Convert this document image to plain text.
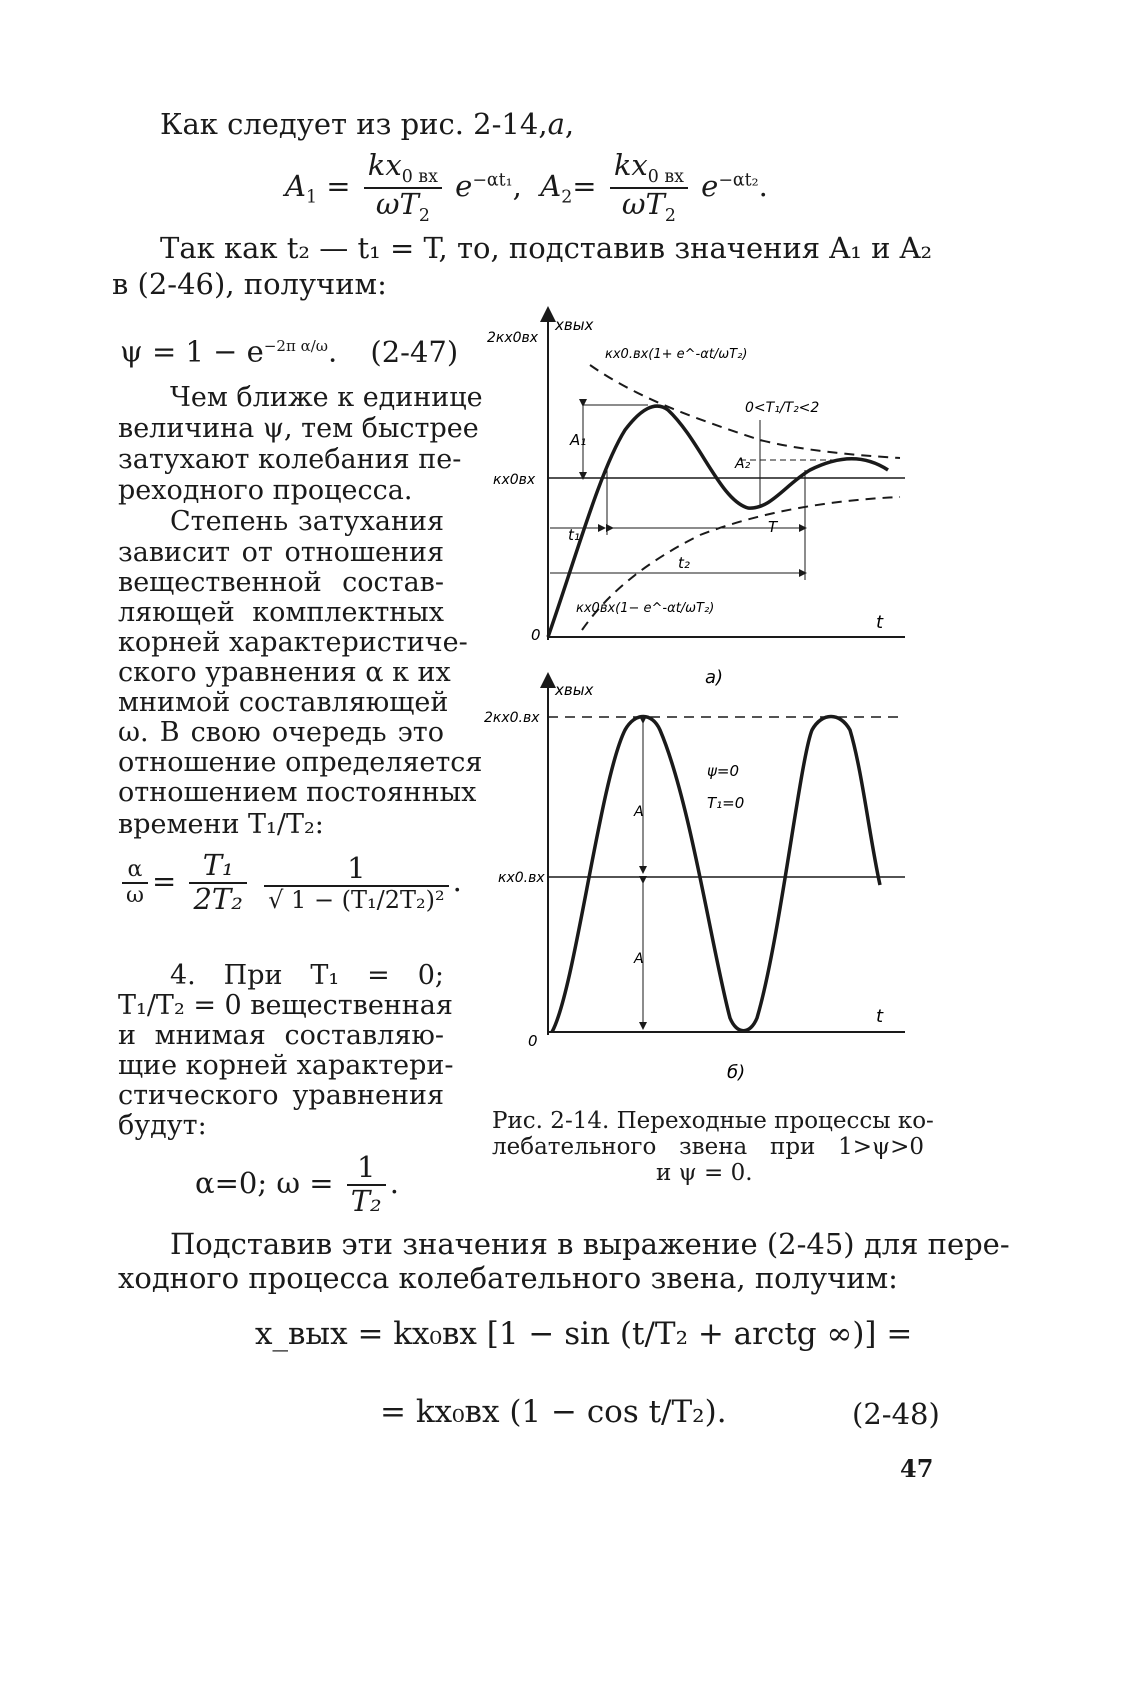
Как следует из рис. 2-14,a,
$A_1 = \frac{kx_{0 вх}}{\omega T_2} e^{-\alpha t_1}$,  $A_2= \frac{kx_{0 вх}}{\omega T_2} e^{-\alpha t_2}$.
Так как t₂ — t₁ = T, то, подставив значения A₁ и A₂
в (2-46), получим:
$\psi = 1 - e^{-2\pi \alpha/\omega}$. (2-47)
Чем ближе к единице
величина ψ, тем быстрее
затухают колебания пе-
реходного процесса.
Степень затухания
зависит от отношения
вещественной состав-
ляющей комплектных
корней характеристиче-
ского уравнения α к их
мнимой составляющей
ω. В свою очередь это
отношение определяется
отношением постоянных
времени T₁/T₂:
$\frac{\alpha}{\omega} = \frac{\text{T₁}}{\text{2T₂}}$
$\frac{1}{\text{√ 1 − (T₁/2T₂)²}}$ .
4. При T₁ = 0;
T₁/T₂ = 0 вещественная
и мнимая составляю-
щие корней характери-
стического уравнения
будут:
α=0; $\omega = \frac{1}{\text{T₂}}$ .
2кx0вх
xвых
кx0.вх(1+ e^-αt/ωT₂)
0<T₁/T₂<2
кx0вх
A₁
A₂
t₁	T
t₂
кx0вх(1− e^-αt/ωT₂)
t
0
а)
xвых
2кx0.вх
кx0.вх
ψ=0
T₁=0
A
A
t
0
б)
Рис. 2-14. Переходные процессы ко-
лебательного звена при 1>ψ>0
и ψ = 0.
Подставив эти значения в выражение (2-45) для пере-
ходного процесса колебательного звена, получим:
x_вых = kx₀вх [1 − sin (t/T₂ + arctg ∞)] =
= kx₀вх (1 − cos t/T₂).	(2-48)
47
